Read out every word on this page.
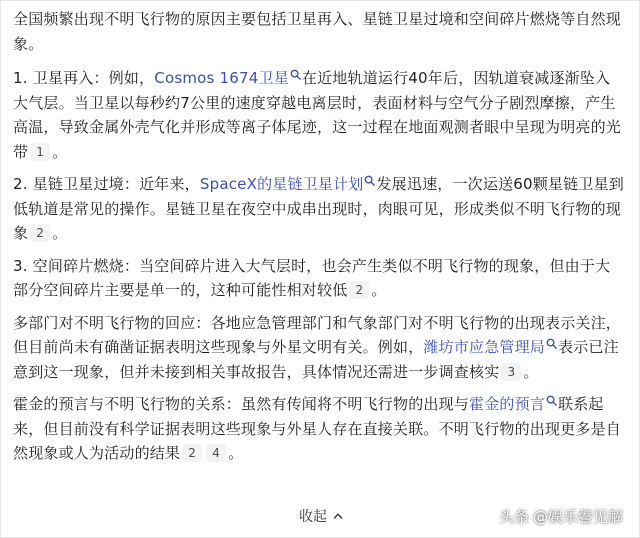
全国频繁出现不明飞行物的原因主要包括卫星再入、星链卫星过境和空间碎片燃烧等自然现象。

1. 卫星再入：例如，Cosmos 1674卫星 在近地轨道运行40年后，因轨道衰减逐渐坠入大气层。当卫星以每秒约7公里的速度穿越电离层时，表面材料与空气分子剧烈摩擦，产生高温，导致金属外壳气化并形成等离子体尾迹，这一过程在地面观测者眼中呈现为明亮的光带 1 。

2. 星链卫星过境：近年来，SpaceX的星链卫星计划 发展迅速，一次运送60颗星链卫星到低轨道是常见的操作。星链卫星在夜空中成串出现时，肉眼可见，形成类似不明飞行物的现象 2 。

3. 空间碎片燃烧：当空间碎片进入大气层时，也会产生类似不明飞行物的现象，但由于大部分空间碎片主要是单一的，这种可能性相对较低 2 。

多部门对不明飞行物的回应：各地应急管理部门和气象部门对不明飞行物的出现表示关注，但目前尚未有确凿证据表明这些现象与外星文明有关。例如，潍坊市应急管理局 表示已注意到这一现象，但并未接到相关事故报告，具体情况还需进一步调查核实 3 。

霍金的预言与不明飞行物的关系：虽然有传闻将不明飞行物的出现与霍金的预言 联系起来，但目前没有科学证据表明这些现象与外星人存在直接关联。不明飞行物的出现更多是自然现象或人为活动的结果 2 4 。

收起	头条 @娱乐瞽见解
